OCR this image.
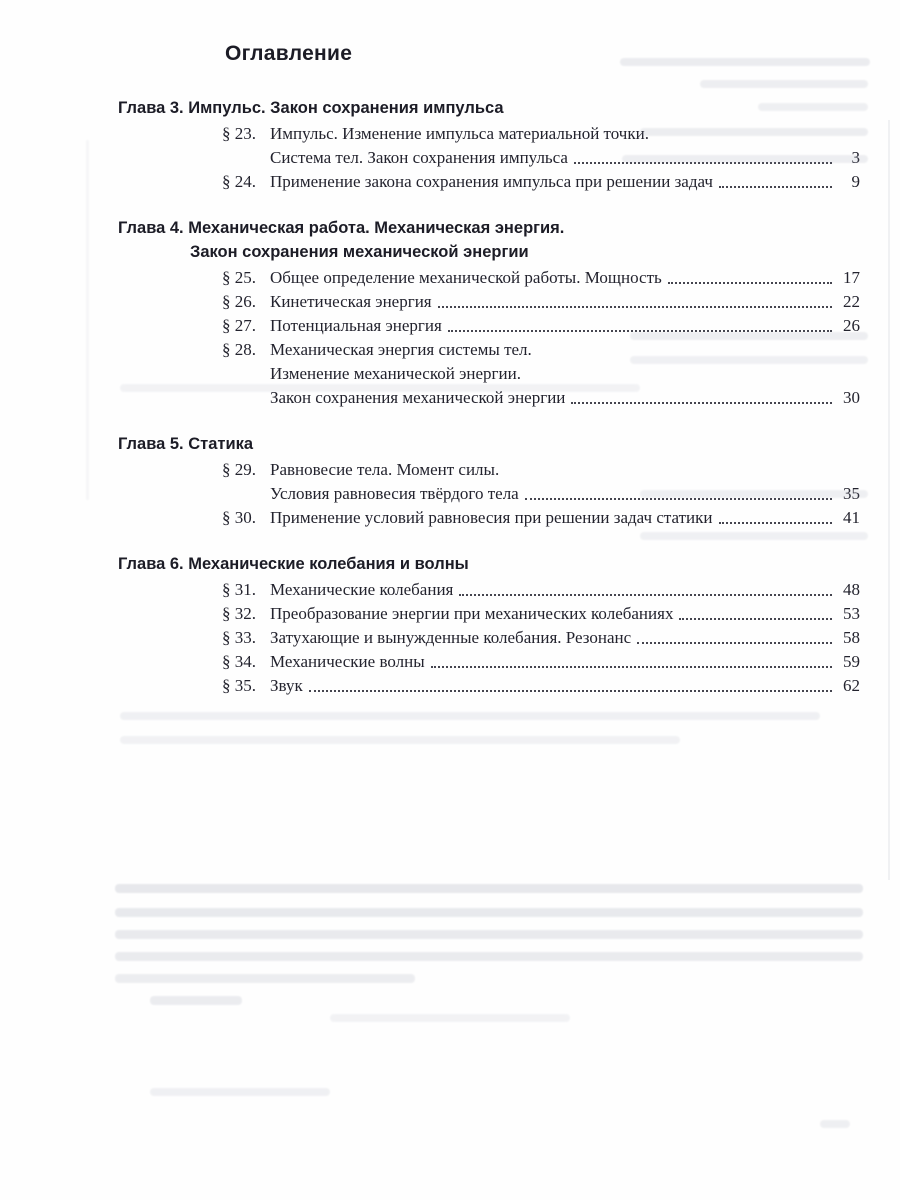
Оглавление
Глава 3. Импульс. Закон сохранения импульса
§ 23. Импульс. Изменение импульса материальной точки.
Система тел. Закон сохранения импульса	3
§ 24. Применение закона сохранения импульса при решении задач	9
Глава 4. Механическая работа. Механическая энергия.
Закон сохранения механической энергии
§ 25. Общее определение механической работы. Мощность	17
§ 26. Кинетическая энергия	22
§ 27. Потенциальная энергия	26
§ 28. Механическая энергия системы тел.
Изменение механической энергии.
Закон сохранения механической энергии	30
Глава 5. Статика
§ 29. Равновесие тела. Момент силы.
Условия равновесия твёрдого тела	35
§ 30. Применение условий равновесия при решении задач статики	41
Глава 6. Механические колебания и волны
§ 31. Механические колебания	48
§ 32. Преобразование энергии при механических колебаниях	53
§ 33. Затухающие и вынужденные колебания. Резонанс	58
§ 34. Механические волны	59
§ 35. Звук	62
